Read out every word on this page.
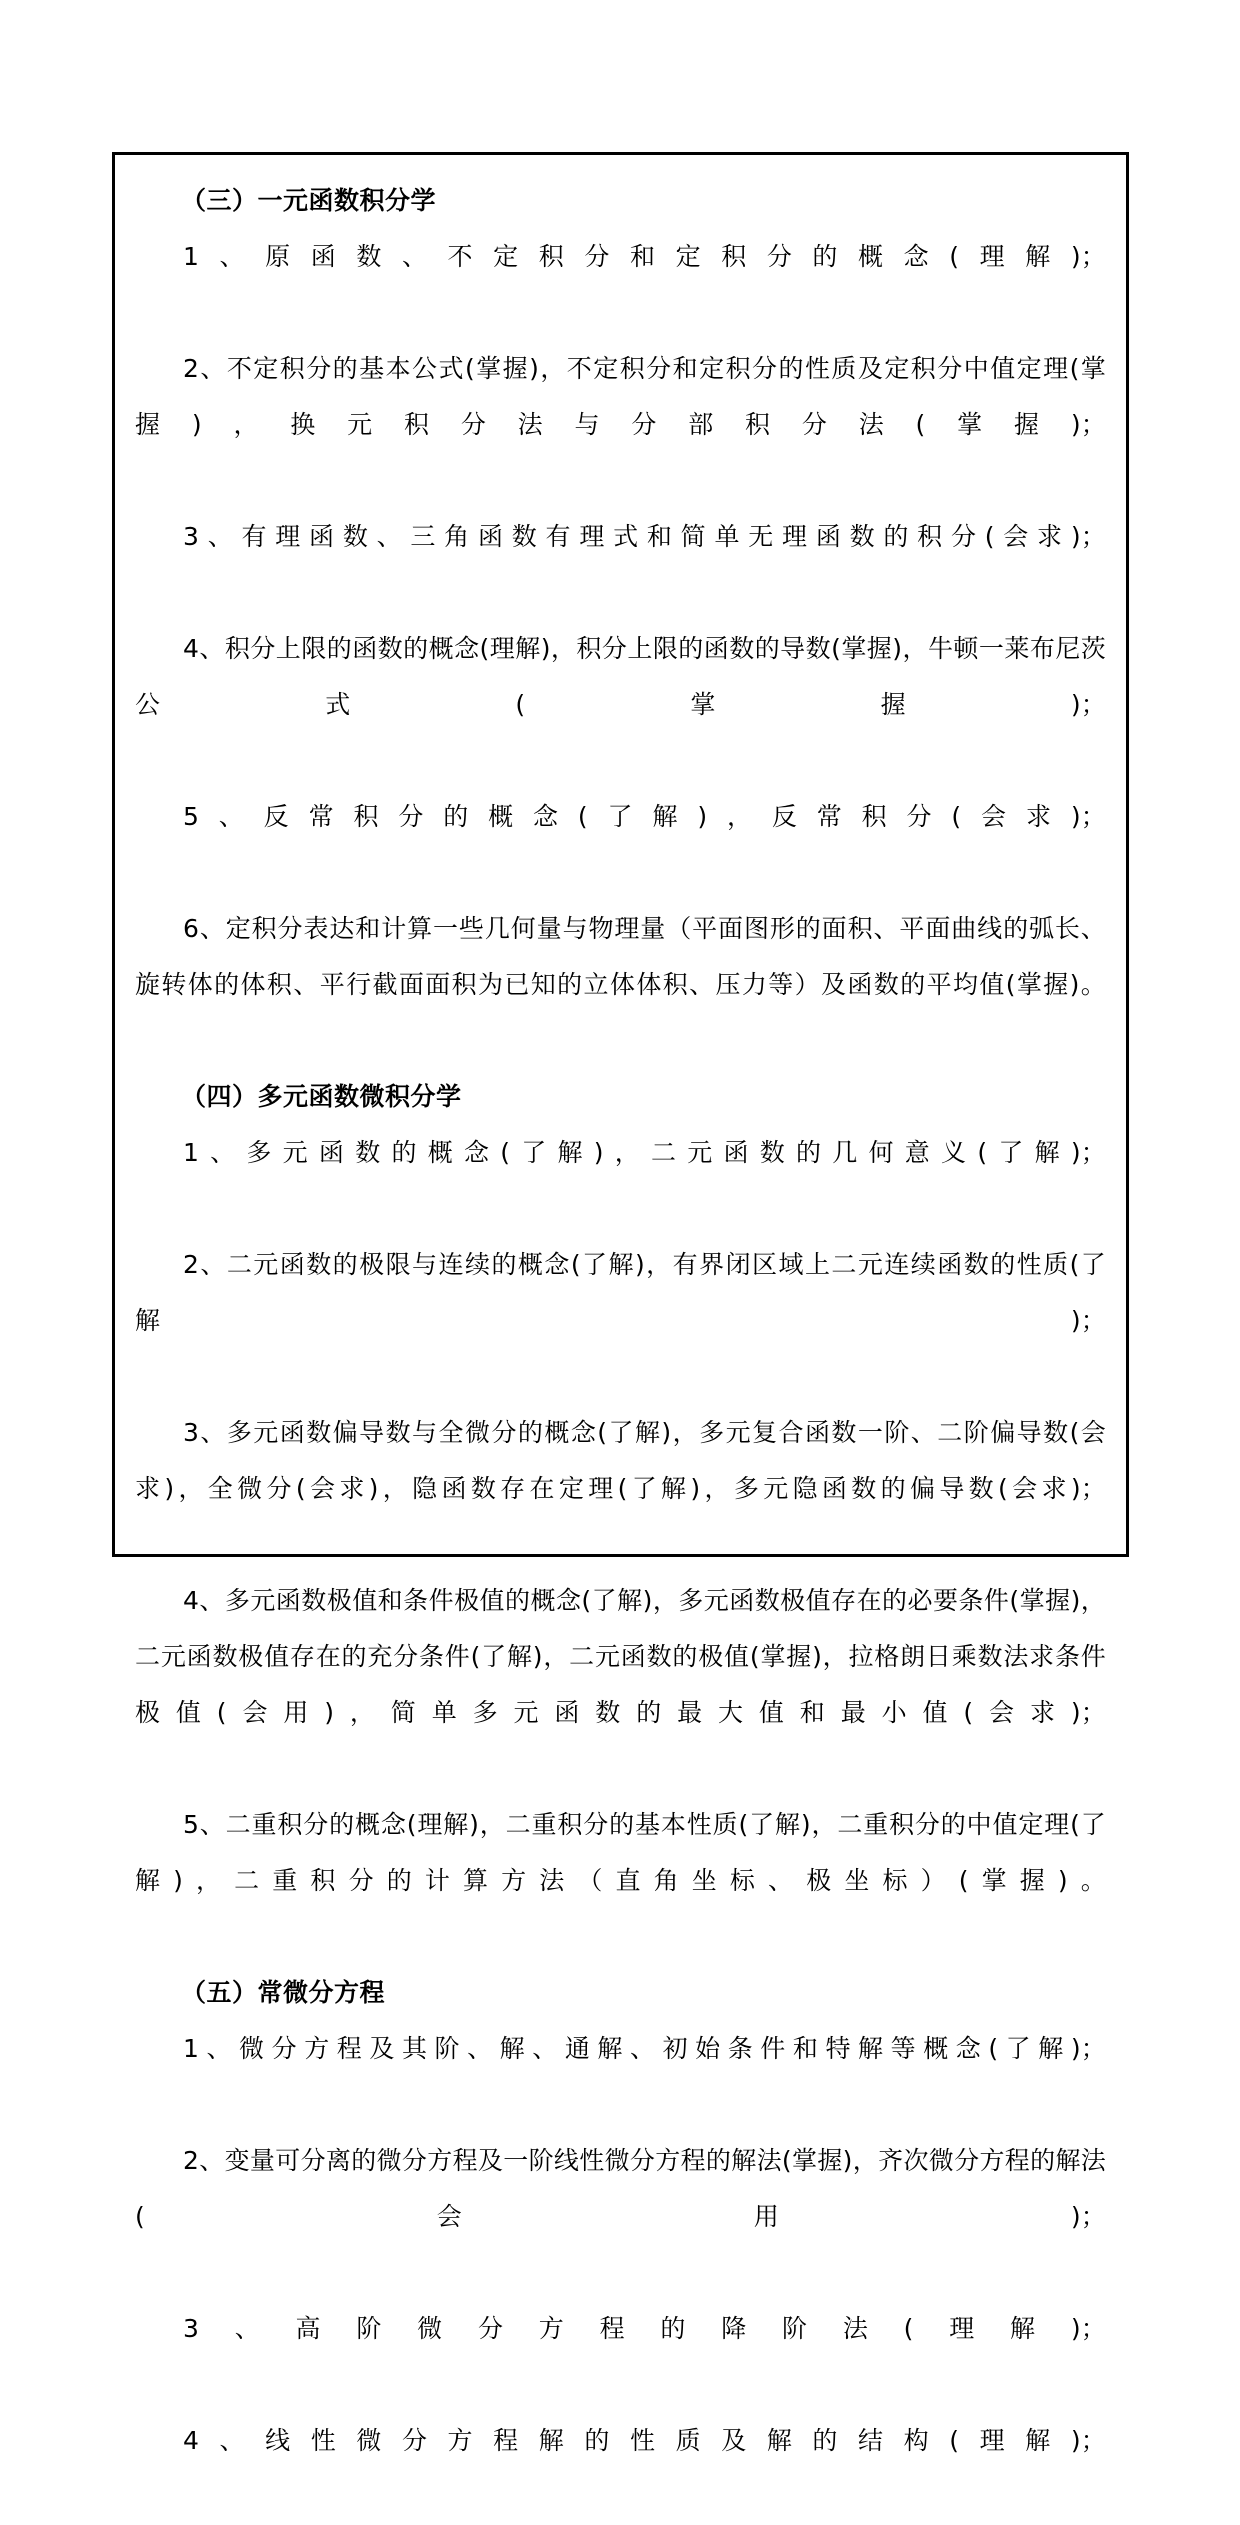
（三）一元函数积分学

1、原函数、不定积分和定积分的概念(理解)；

2、不定积分的基本公式(掌握)，不定积分和定积分的性质及定积分中值定理(掌握)，换元积分法与分部积分法(掌握)；

3、有理函数、三角函数有理式和简单无理函数的积分(会求)；

4、积分上限的函数的概念(理解)，积分上限的函数的导数(掌握)，牛顿一莱布尼茨公式(掌握)；

5、反常积分的概念(了解)，反常积分(会求)；

6、定积分表达和计算一些几何量与物理量（平面图形的面积、平面曲线的弧长、旋转体的体积、平行截面面积为已知的立体体积、压力等）及函数的平均值(掌握)。

（四）多元函数微积分学

1、多元函数的概念(了解)，二元函数的几何意义(了解)；

2、二元函数的极限与连续的概念(了解)，有界闭区域上二元连续函数的性质(了解)；

3、多元函数偏导数与全微分的概念(了解)，多元复合函数一阶、二阶偏导数(会求)，全微分(会求)，隐函数存在定理(了解)，多元隐函数的偏导数(会求)；

4、多元函数极值和条件极值的概念(了解)，多元函数极值存在的必要条件(掌握)，二元函数极值存在的充分条件(了解)，二元函数的极值(掌握)，拉格朗日乘数法求条件极值(会用)，简单多元函数的最大值和最小值(会求)；

5、二重积分的概念(理解)，二重积分的基本性质(了解)，二重积分的中值定理(了解)，二重积分的计算方法（直角坐标、极坐标）(掌握)。

（五）常微分方程

1、微分方程及其阶、解、通解、初始条件和特解等概念(了解)；

2、变量可分离的微分方程及一阶线性微分方程的解法(掌握)，齐次微分方程的解法(会用)；

3、高阶微分方程的降阶法(理解)；

4、线性微分方程解的性质及解的结构(理解)；
